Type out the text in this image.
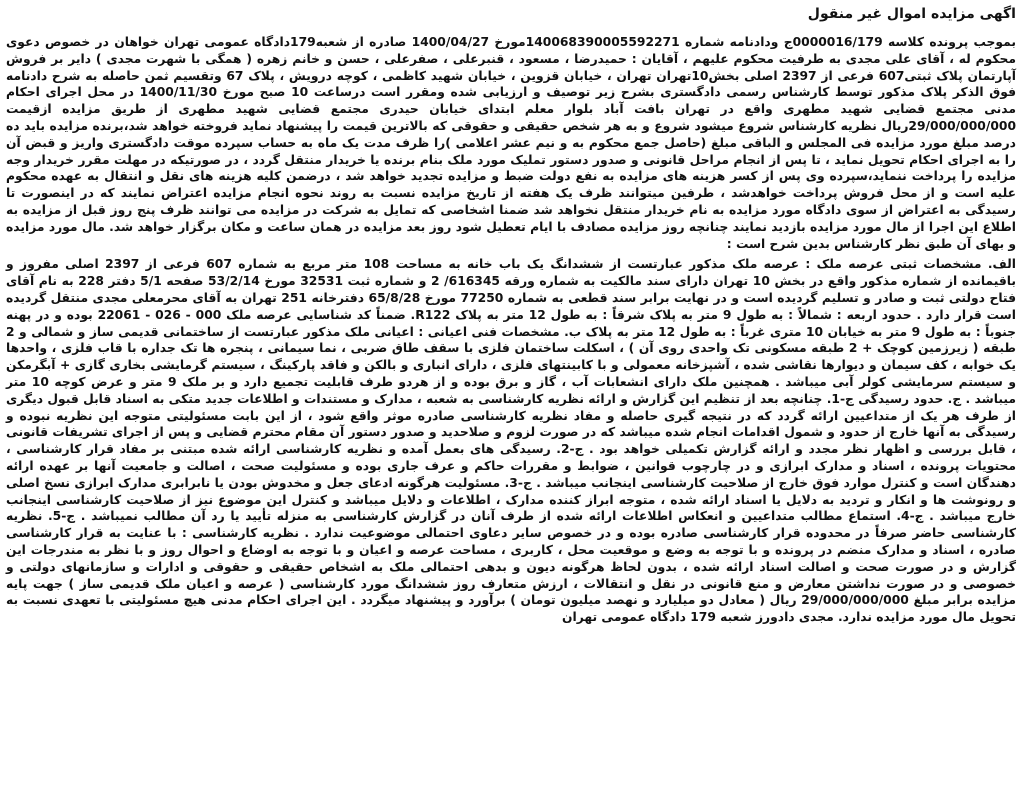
اگهی مزایده اموال غیر منقول

بموجب پرونده کلاسه 0000016/179ج ودادنامه شماره 140068390005592271مورخ 1400/04/27 صادره از شعبه179دادگاه عمومی تهران خواهان در خصوص دعوی محکوم له ، آقای علی مجدی به طرفیت محکوم علیهم ، آقایان : حمیدرضا ، مسعود ، قنبرعلی ، صفرعلی ، حسن و خانم زهره ( همگی با شهرت مجدی ) دایر بر فروش آپارتمان پلاک ثبتی607 فرعی از 2397 اصلی بخش10تهران تهران ، خیابان قزوین ، خیابان شهید کاظمی ، کوچه درویش ، پلاک 67 وتقسیم ثمن حاصله به شرح دادنامه فوق الذکر پلاک مذکور توسط کارشناس رسمی دادگستری بشرح زیر توصیف و ارزیابی شده ومقرر است درساعت 10 صبح مورخ 1400/11/30 در محل اجرای احکام مدنی مجتمع قضایی شهید مطهری واقع در تهران بافت آباد بلوار معلم ابتدای خیابان حیدری مجتمع قضایی شهید مطهری از طریق مزایده ازقیمت 29/000/000/000ریال نظریه کارشناس شروع میشود شروع و به هر شخص حقیقی و حقوقی که بالاترین قیمت را پیشنهاد نماید فروخته خواهد شد،برنده مزایده باید ده درصد مبلغ مورد مزایده فی المجلس و الباقی مبلغ (حاصل جمع محکوم به و نیم عشر اعلامی )را ظرف مدت یک ماه به حساب سپرده موقت دادگستری واریز و قبض آن را به اجرای احکام تحویل نماید ، تا پس از انجام مراحل قانونی و صدور دستور تملیک مورد ملک بنام برنده یا خریدار منتقل گردد ، در صورتیکه در مهلت مقرر خریدار وجه مزایده را پرداخت ننماید،سپرده وی پس از کسر هزینه های مزایده به نفع دولت ضبط و مزایده تجدید خواهد شد ، درضمن کلیه هزینه های نقل و انتقال به عهده محکوم علیه است و از محل فروش پرداخت خواهدشد ، طرفین میتوانند ظرف یک هفته از تاریخ مزایده نسبت به روند نحوه انجام مزایده اعتراض نمایند که در اینصورت تا رسیدگی به اعتراض از سوی دادگاه مورد مزایده به نام خریدار منتقل نخواهد شد ضمنا اشخاصی که تمایل به شرکت در مزایده می توانند ظرف پنج روز قبل از مزایده به اطلاع این اجرا از مال مورد مزایده بازدید نمایند چنانچه روز مزایده مصادف با ایام تعطیل شود روز بعد مزایده در همان ساعت و مکان برگزار خواهد شد. مال مورد مزایده و بهای آن طبق نظر کارشناس بدین شرح است :

الف. مشخصات ثبتی عرصه ملک : عرصه ملک مذکور عبارتست از ششدانگ یک باب خانه به مساحت 108 متر مربع به شماره 607 فرعی از 2397 اصلی مفروز و باقیمانده از شماره مذکور واقع در بخش 10 تهران دارای سند مالکیت به شماره ورقه 616345/ 2 و شماره ثبت 32531 مورخ 53/2/14 صفحه 5/1 دفتر 228 به نام آقای فتاح دولتی ثبت و صادر و تسلیم گردیده است و در نهایت برابر سند قطعی به شماره 77250 مورخ 65/8/28 دفترخانه 251 تهران به آقای محرمعلی مجدی منتقل گردیده است قرار دارد . حدود اربعه : شمالاً : به طول 9 متر به پلاک شرقاً : به طول 12 متر به پلاک R122. ضمناً کد شناسایی عرصه ملک 000 - 026 - 22061 بوده و در پهنه جنوباً : به طول 9 متر به خیابان 10 متری غرباً : به طول 12 متر به پلاک ب. مشخصات فنی اعیانی : اعیانی ملک مذکور عبارتست از ساختمانی قدیمی ساز و شمالی و 2 طبقه ( زیرزمین کوچک + 2 طبقه مسکونی تک واحدی روی آن ) ، اسکلت ساختمان فلزی با سقف طاق ضربی ، نما سیمانی ، پنجره ها تک جداره با قاب فلزی ، واحدها یک خوابه ، کف سیمان و دیوارها نقاشی شده ، آشپزخانه معمولی و با کابینتهای فلزی ، دارای انباری و بالکن و فاقد پارکینگ ، سیستم گرمایشی بخاری گازی + آبگرمکن و سیستم سرمایشی کولر آبی میباشد . همچنین ملک دارای انشعابات آب ، گاز و برق بوده و از هردو طرف قابلیت تجمیع دارد و بر ملک 9 متر و عرض کوچه 10 متر میباشد . ج. حدود رسیدگی ج-1. چنانچه بعد از تنظیم این گزارش و ارائه نظریه کارشناسی به شعبه ، مدارک و مستندات و اطلاعات جدید متکی به اسناد قابل قبول دیگری از طرف هر یک از متداعیین ارائه گردد که در نتیجه گیری حاصله و مفاد نظریه کارشناسی صادره موثر واقع شود ، از این بابت مسئولیتی متوجه این نظریه نبوده و رسیدگی به آنها خارج از حدود و شمول اقدامات انجام شده میباشد که در صورت لزوم و صلاحدید و صدور دستور آن مقام محترم قضایی و پس از اجرای تشریفات قانونی ، قابل بررسی و اظهار نظر مجدد و ارائه گزارش تکمیلی خواهد بود . ج-2. رسیدگی های بعمل آمده و نظریه کارشناسی ارائه شده مبتنی بر مفاد قرار کارشناسی ، محتویات پرونده ، اسناد و مدارک ابرازی و در چارچوب قوانین ، ضوابط و مقررات حاکم و عرف جاری بوده و مسئولیت صحت ، اصالت و جامعیت آنها بر عهده ارائه دهندگان است و کنترل موارد فوق خارج از صلاحیت کارشناسی اینجانب میباشد . ج-3. مسئولیت هرگونه ادعای جعل و مخدوش بودن یا نابرابری مدارک ابرازی نسخ اصلی و رونوشت ها و انکار و تردید به دلایل یا اسناد ارائه شده ، متوجه ابراز کننده مدارک ، اطلاعات و دلایل میباشد و کنترل این موضوع نیز از صلاحیت کارشناسی اینجانب خارج میباشد . ج-4. استماع مطالب متداعیین و انعکاس اطلاعات ارائه شده از طرف آنان در گزارش کارشناسی به منزله تأیید یا رد آن مطالب نمیباشد . ج-5. نظریه کارشناسی حاضر صرفاً در محدوده قرار کارشناسی صادره بوده و در خصوص سایر دعاوی احتمالی موضوعیت ندارد . نظریه کارشناسی : با عنایت به قرار کارشناسی صادره ، اسناد و مدارک منضم در پرونده و با توجه به وضع و موقعیت محل ، کاربری ، مساحت عرصه و اعیان و با توجه به اوضاع و احوال روز و با نظر به مندرجات این گزارش و در صورت صحت و اصالت اسناد ارائه شده ، بدون لحاظ هرگونه دیون و بدهی احتمالی ملک به اشخاص حقیقی و حقوقی و ادارات و سازمانهای دولتی و خصوصی و در صورت نداشتن معارض و منع قانونی در نقل و انتقالات ، ارزش متعارف روز ششدانگ مورد کارشناسی ( عرصه و اعیان ملک قدیمی ساز ) جهت پایه مزایده برابر مبلغ 29/000/000/000 ریال ( معادل دو میلیارد و نهصد میلیون تومان ) برآورد و پیشنهاد میگردد . این اجرای احکام مدنی هیچ مسئولیتی با تعهدی نسبت به تحویل مال مورد مزایده ندارد. مجدی دادورز شعبه 179 دادگاه عمومی تهران
